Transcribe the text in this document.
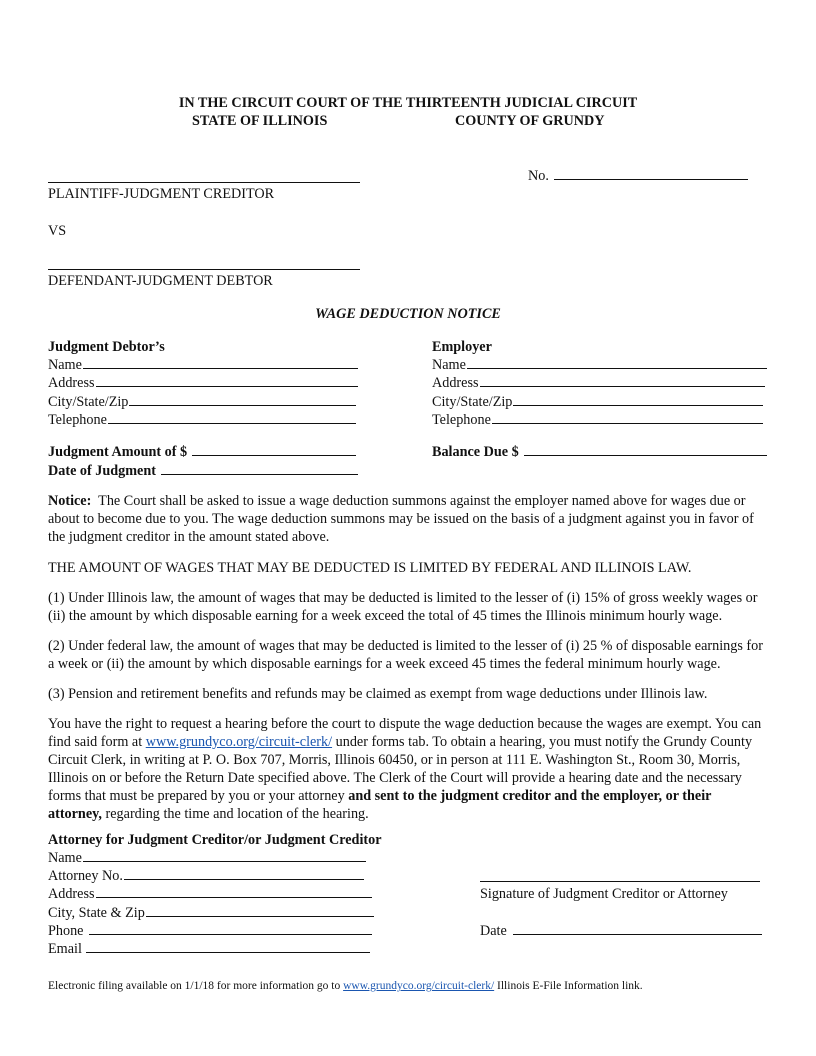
IN THE CIRCUIT COURT OF THE THIRTEENTH JUDICIAL CIRCUIT
STATE OF ILLINOIS	COUNTY OF GRUNDY
PLAINTIFF-JUDGMENT CREDITOR
No.
VS
DEFENDANT-JUDGMENT DEBTOR
WAGE DEDUCTION NOTICE
Judgment Debtor’s
Name
Address
City/State/Zip
Telephone
Employer
Name
Address
City/State/Zip
Telephone
Judgment Amount of $
Date of Judgment
Balance Due $
Notice: The Court shall be asked to issue a wage deduction summons against the employer named above for wages due or about to become due to you. The wage deduction summons may be issued on the basis of a judgment against you in favor of the judgment creditor in the amount stated above.
THE AMOUNT OF WAGES THAT MAY BE DEDUCTED IS LIMITED BY FEDERAL AND ILLINOIS LAW.
(1) Under Illinois law, the amount of wages that may be deducted is limited to the lesser of (i) 15% of gross weekly wages or (ii) the amount by which disposable earning for a week exceed the total of 45 times the Illinois minimum hourly wage.
(2) Under federal law, the amount of wages that may be deducted is limited to the lesser of (i) 25 % of disposable earnings for a week or (ii) the amount by which disposable earnings for a week exceed 45 times the federal minimum hourly wage.
(3) Pension and retirement benefits and refunds may be claimed as exempt from wage deductions under Illinois law.
You have the right to request a hearing before the court to dispute the wage deduction because the wages are exempt. You can find said form at www.grundyco.org/circuit-clerk/ under forms tab. To obtain a hearing, you must notify the Grundy County Circuit Clerk, in writing at P. O. Box 707, Morris, Illinois 60450, or in person at 111 E. Washington St., Room 30, Morris, Illinois on or before the Return Date specified above. The Clerk of the Court will provide a hearing date and the necessary forms that must be prepared by you or your attorney and sent to the judgment creditor and the employer, or their attorney, regarding the time and location of the hearing.
Attorney for Judgment Creditor/or Judgment Creditor
Name
Attorney No.
Address
City, State & Zip
Phone
Email
Signature of Judgment Creditor or Attorney
Date
Electronic filing available on 1/1/18 for more information go to www.grundyco.org/circuit-clerk/ Illinois E-File Information link.
